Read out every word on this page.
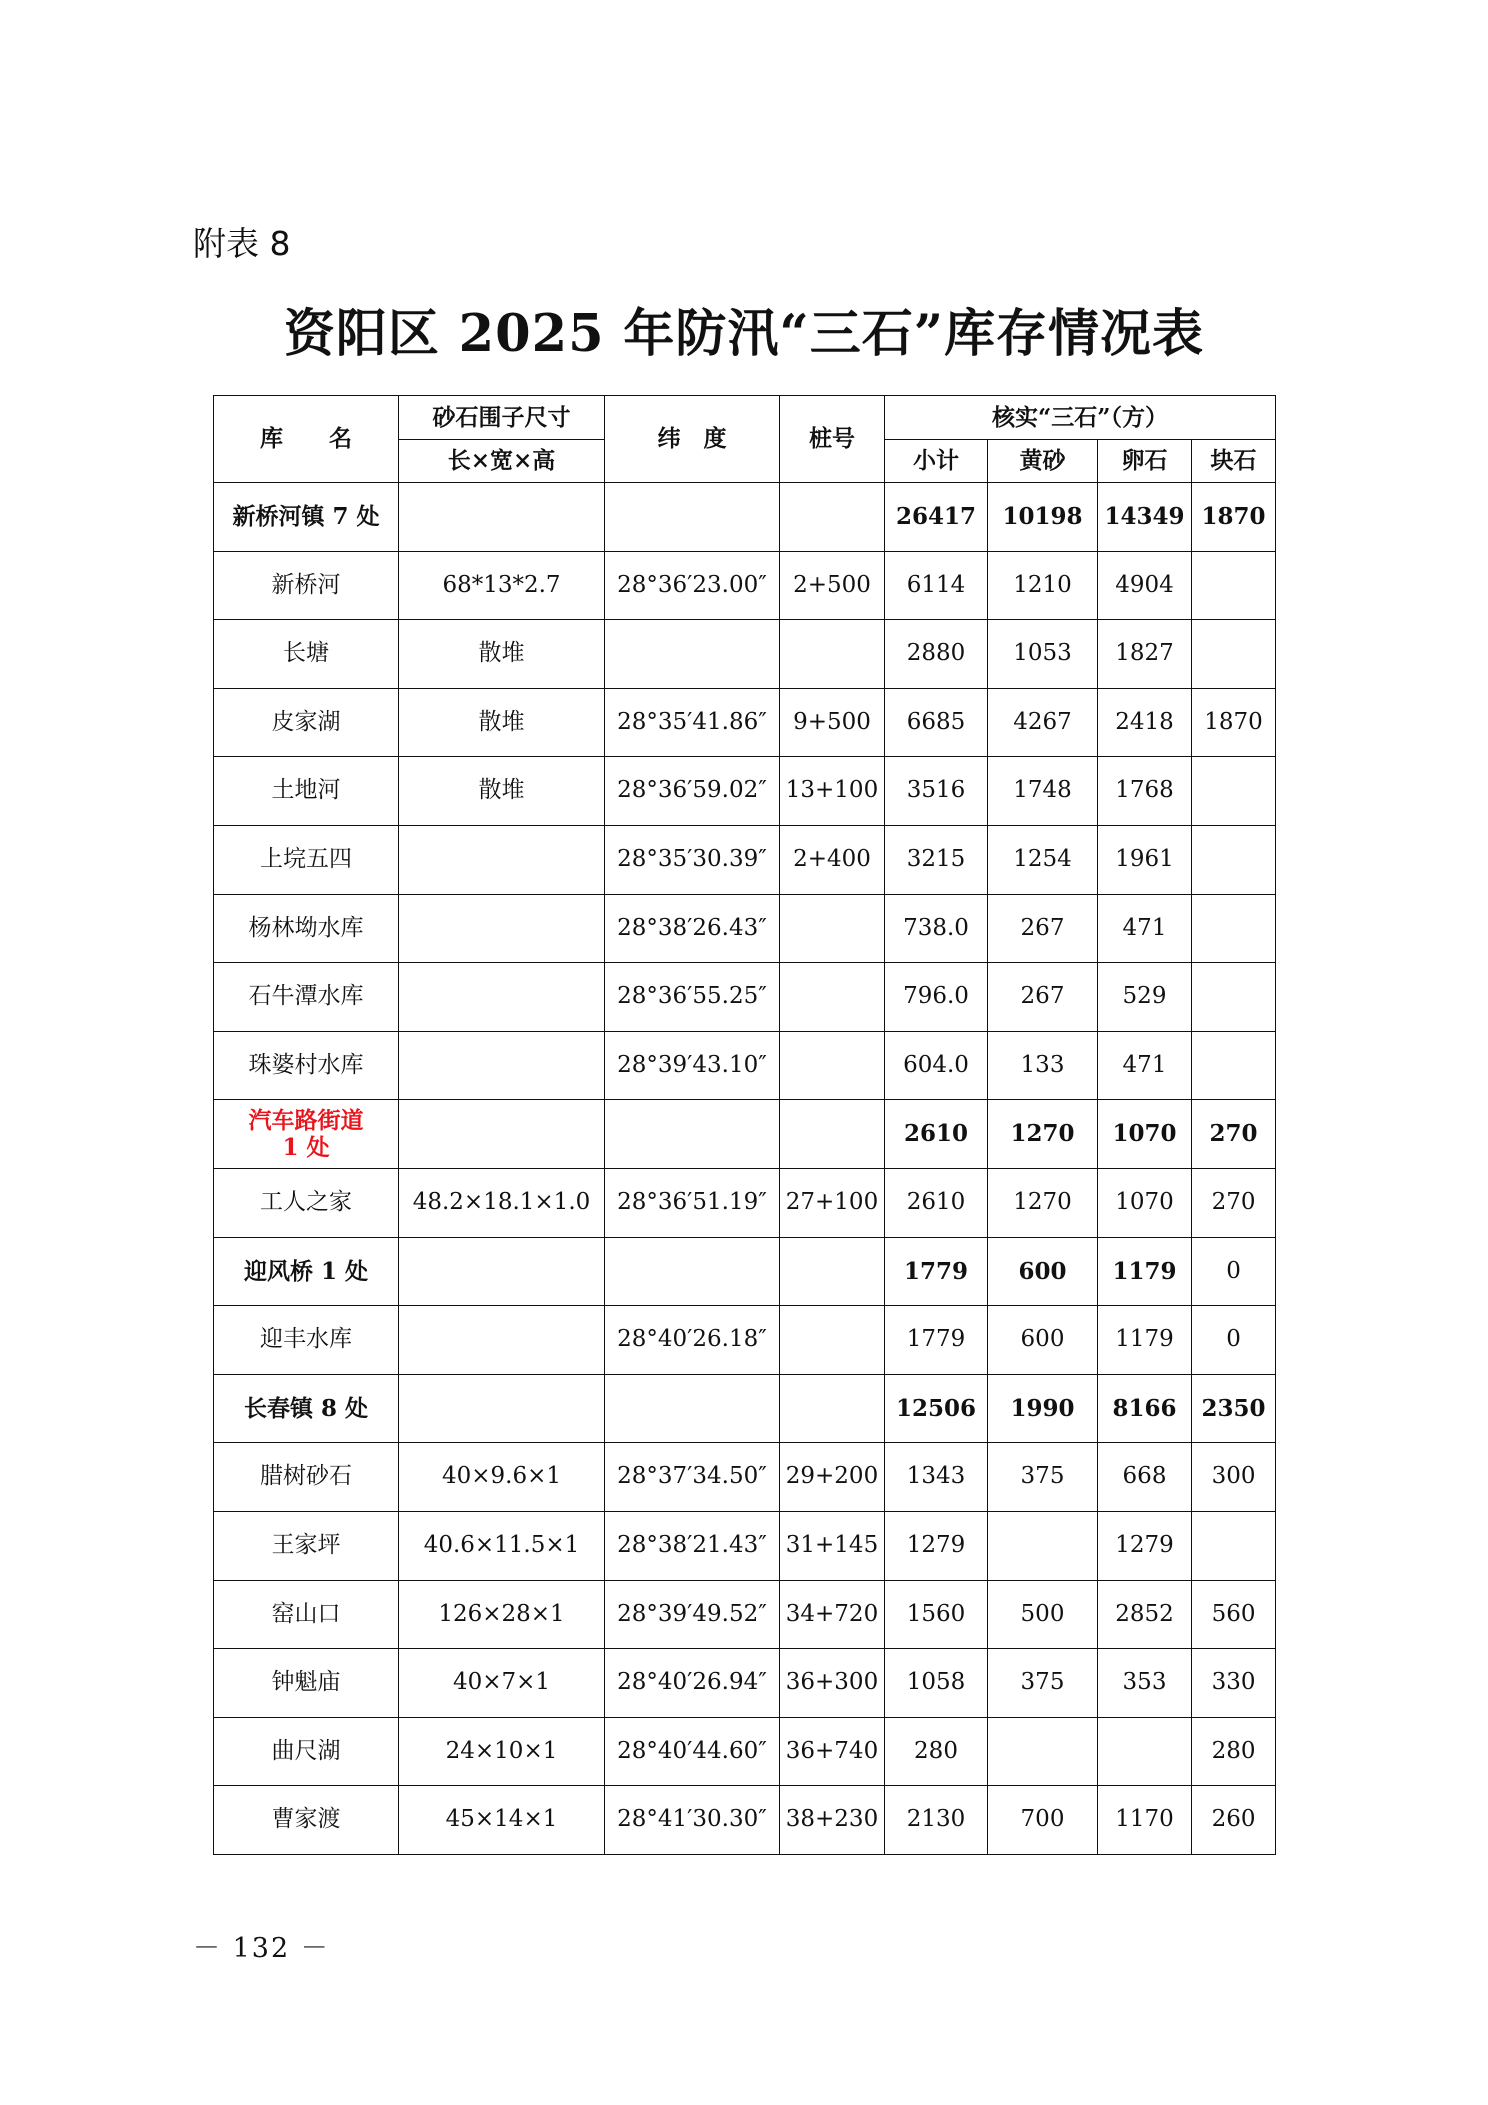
附表 8
资阳区 2025 年防汛“三石”库存情况表
库　　名	砂石围子尺寸	纬　度	桩号	核实“三石”（方）			
	长×宽×高			小计	黄砂	卵石	块石
新桥河镇 7 处				26417	10198	14349	1870
新桥河	68*13*2.7	28°36′23.00″	2+500	6114	1210	4904	
长塘	散堆			2880	1053	1827	
皮家湖	散堆	28°35′41.86″	9+500	6685	4267	2418	1870
土地河	散堆	28°36′59.02″	13+100	3516	1748	1768	
上垸五四		28°35′30.39″	2+400	3215	1254	1961	
杨林坳水库		28°38′26.43″		738.0	267	471	
石牛潭水库		28°36′55.25″		796.0	267	529	
珠婆村水库		28°39′43.10″		604.0	133	471	
汽车路街道
1 处				2610	1270	1070	270
工人之家	48.2×18.1×1.0	28°36′51.19″	27+100	2610	1270	1070	270
迎风桥 1 处				1779	600	1179	0
迎丰水库		28°40′26.18″		1779	600	1179	0
长春镇 8 处				12506	1990	8166	2350
腊树砂石	40×9.6×1	28°37′34.50″	29+200	1343	375	668	300
王家坪	40.6×11.5×1	28°38′21.43″	31+145	1279		1279	
窑山口	126×28×1	28°39′49.52″	34+720	1560	500	2852	560
钟魁庙	40×7×1	28°40′26.94″	36+300	1058	375	353	330
曲尺湖	24×10×1	28°40′44.60″	36+740	280			280
曹家渡	45×14×1	28°41′30.30″	38+230	2130	700	1170	260
－ 132 －
